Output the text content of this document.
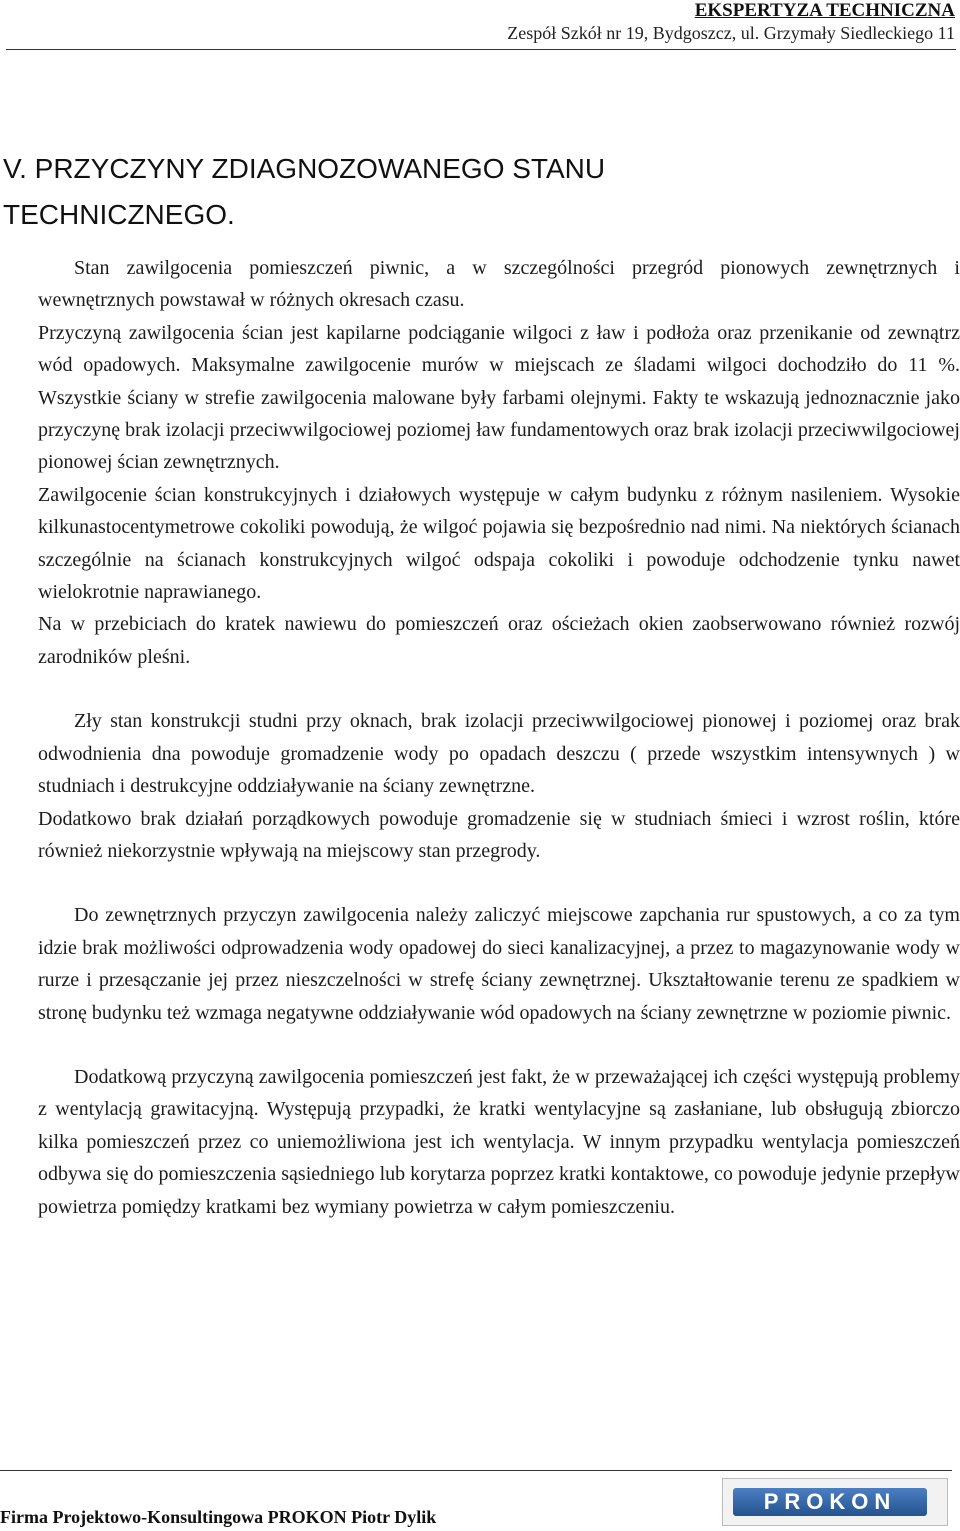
EKSPERTYZA TECHNICZNA
Zespół Szkół nr 19, Bydgoszcz, ul. Grzymały Siedleckiego 11
V. PRZYCZYNY ZDIAGNOZOWANEGO STANU TECHNICZNEGO.

Stan zawilgocenia pomieszczeń piwnic, a w szczególności przegród pionowych zewnętrznych i wewnętrznych powstawał w różnych okresach czasu.

Przyczyną zawilgocenia ścian jest kapilarne podciąganie wilgoci z ław i podłoża oraz przenikanie od zewnątrz wód opadowych. Maksymalne zawilgocenie murów w miejscach ze śladami wilgoci dochodziło do 11 %. Wszystkie ściany w strefie zawilgocenia malowane były farbami olejnymi. Fakty te wskazują jednoznacznie jako przyczynę brak izolacji przeciwwilgociowej poziomej ław fundamentowych oraz brak izolacji przeciwwilgociowej pionowej ścian zewnętrznych.

Zawilgocenie ścian konstrukcyjnych i działowych występuje w całym budynku z różnym nasileniem. Wysokie kilkunastocentymetrowe cokoliki powodują, że wilgoć pojawia się bezpośrednio nad nimi. Na niektórych ścianach szczególnie na ścianach konstrukcyjnych wilgoć odspaja cokoliki i powoduje odchodzenie tynku nawet wielokrotnie naprawianego.

Na w przebiciach do kratek nawiewu do pomieszczeń oraz ościeżach okien zaobserwowano również rozwój zarodników pleśni.

Zły stan konstrukcji studni przy oknach, brak izolacji przeciwwilgociowej pionowej i poziomej oraz brak odwodnienia dna powoduje gromadzenie wody po opadach deszczu ( przede wszystkim intensywnych ) w studniach i destrukcyjne oddziaływanie na ściany zewnętrzne.

Dodatkowo brak działań porządkowych powoduje gromadzenie się w studniach śmieci i wzrost roślin, które również niekorzystnie wpływają na miejscowy stan przegrody.

Do zewnętrznych przyczyn zawilgocenia należy zaliczyć miejscowe zapchania rur spustowych, a co za tym idzie brak możliwości odprowadzenia wody opadowej do sieci kanalizacyjnej, a przez to magazynowanie wody w rurze i przesączanie jej przez nieszczelności w strefę ściany zewnętrznej. Ukształtowanie terenu ze spadkiem w stronę budynku też wzmaga negatywne oddziaływanie wód opadowych na ściany zewnętrzne w poziomie piwnic.

Dodatkową przyczyną zawilgocenia pomieszczeń jest fakt, że w przeważającej ich części występują problemy z wentylacją grawitacyjną. Występują przypadki, że kratki wentylacyjne są zasłaniane, lub obsługują zbiorczo kilka pomieszczeń przez co uniemożliwiona jest ich wentylacja. W innym przypadku wentylacja pomieszczeń odbywa się do pomieszczenia sąsiedniego lub korytarza poprzez kratki kontaktowe, co powoduje jedynie przepływ powietrza pomiędzy kratkami bez wymiany powietrza w całym pomieszczeniu.

Firma Projektowo-Konsultingowa PROKON Piotr Dylik
PROKON
